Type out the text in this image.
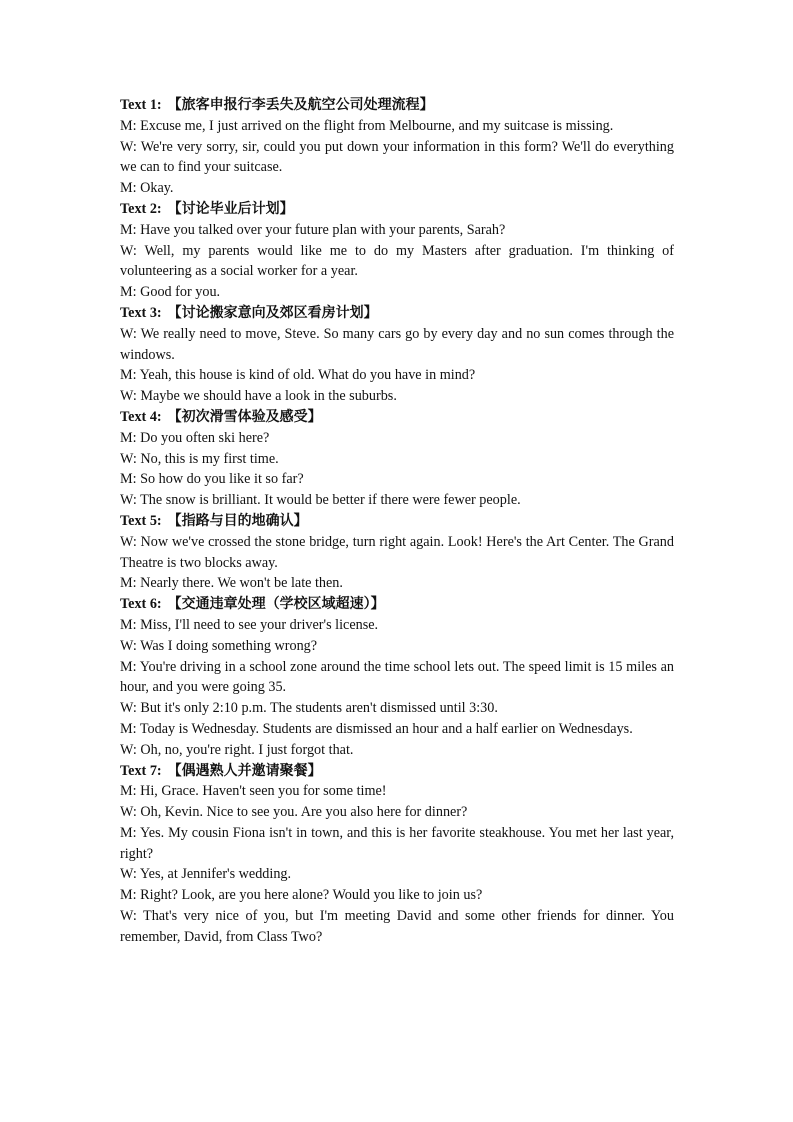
Text 1: 【旅客申报行李丢失及航空公司处理流程】

M: Excuse me, I just arrived on the flight from Melbourne, and my suitcase is missing.

W: We're very sorry, sir, could you put down your information in this form? We'll do everything we can to find your suitcase.

M: Okay.

Text 2: 【讨论毕业后计划】

M: Have you talked over your future plan with your parents, Sarah?

W: Well, my parents would like me to do my Masters after graduation. I'm thinking of volunteering as a social worker for a year.

M: Good for you.

Text 3: 【讨论搬家意向及郊区看房计划】

W: We really need to move, Steve. So many cars go by every day and no sun comes through the windows.

M: Yeah, this house is kind of old. What do you have in mind?

W: Maybe we should have a look in the suburbs.

Text 4: 【初次滑雪体验及感受】

M: Do you often ski here?

W: No, this is my first time.

M: So how do you like it so far?

W: The snow is brilliant. It would be better if there were fewer people.

Text 5: 【指路与目的地确认】

W: Now we've crossed the stone bridge, turn right again. Look! Here's the Art Center. The Grand Theatre is two blocks away.

M: Nearly there. We won't be late then.

Text 6: 【交通违章处理（学校区域超速）】

M: Miss, I'll need to see your driver's license.

W: Was I doing something wrong?

M: You're driving in a school zone around the time school lets out. The speed limit is 15 miles an hour, and you were going 35.

W: But it's only 2:10 p.m. The students aren't dismissed until 3:30.

M: Today is Wednesday. Students are dismissed an hour and a half earlier on Wednesdays.

W: Oh, no, you're right. I just forgot that.

Text 7: 【偶遇熟人并邀请聚餐】

M: Hi, Grace. Haven't seen you for some time!

W: Oh, Kevin. Nice to see you. Are you also here for dinner?

M: Yes. My cousin Fiona isn't in town, and this is her favorite steakhouse. You met her last year, right?

W: Yes, at Jennifer's wedding.

M: Right? Look, are you here alone? Would you like to join us?

W: That's very nice of you, but I'm meeting David and some other friends for dinner. You remember, David, from Class Two?
